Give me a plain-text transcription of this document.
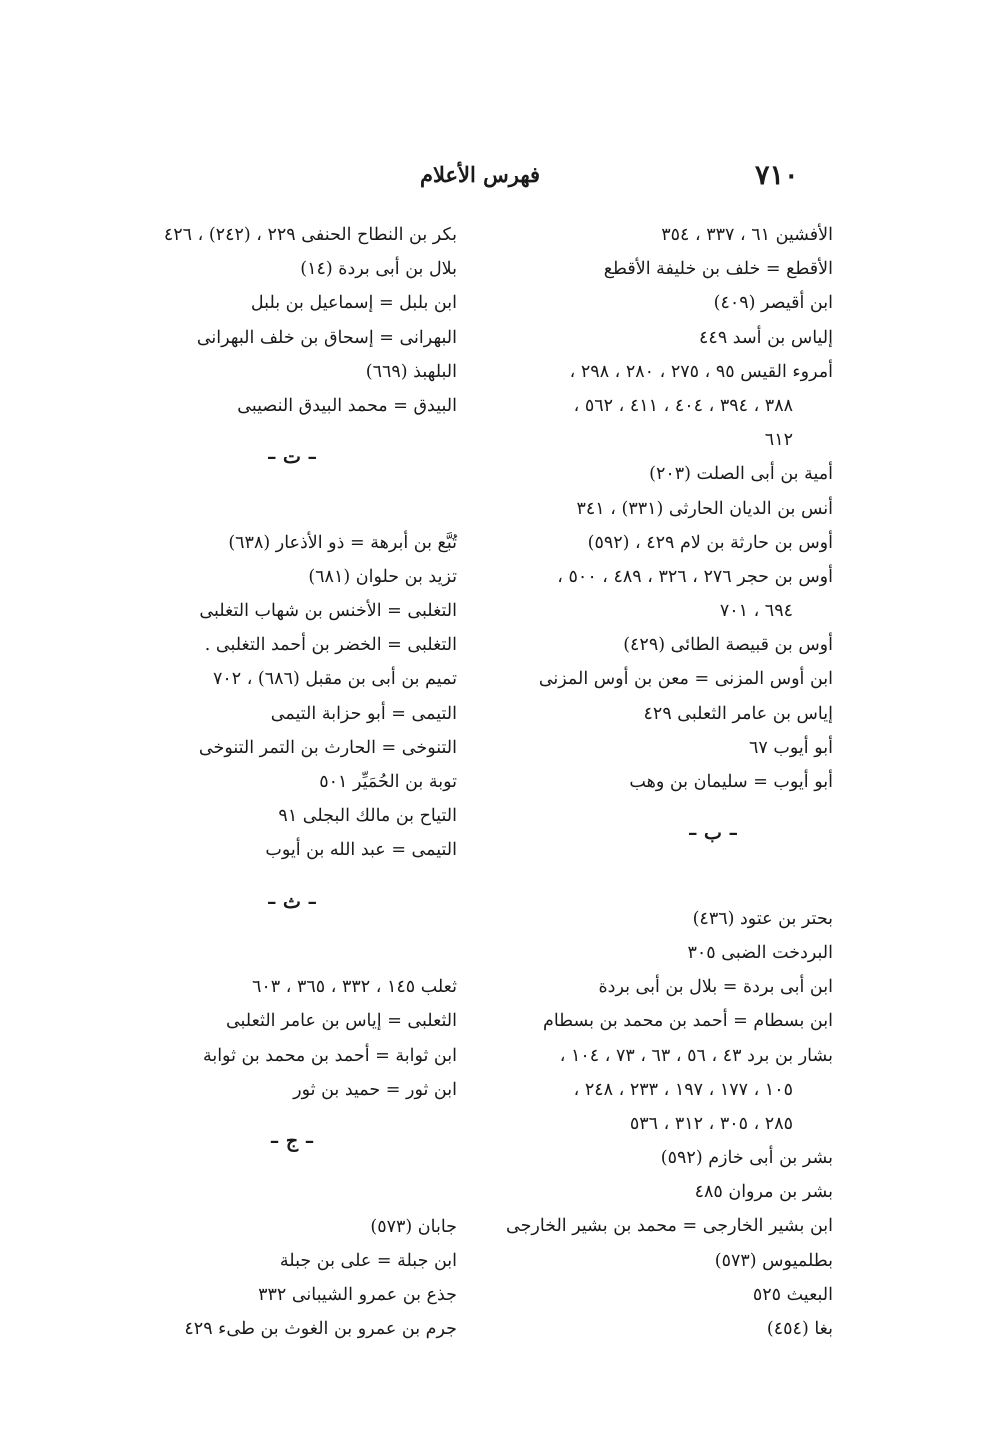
٧١٠
فهرس الأعلام
الأفشين ٦١ ، ٣٣٧ ، ٣٥٤
الأقطع = خلف بن خليفة الأقطع
ابن أقيصر (٤٠٩)
إلياس بن أسد ٤٤٩
أمروء القيس ٩٥ ، ٢٧٥ ، ٢٨٠ ، ٢٩٨ ،
٣٨٨ ، ٣٩٤ ، ٤٠٤ ، ٤١١ ، ٥٦٢ ،
٦١٢
أمية بن أبى الصلت (٢٠٣)
أنس بن الديان الحارثى (٣٣١) ، ٣٤١
أوس بن حارثة بن لام ٤٢٩ ، (٥٩٢)
أوس بن حجر ٢٧٦ ، ٣٢٦ ، ٤٨٩ ، ٥٠٠ ،
٦٩٤ ، ٧٠١
أوس بن قبيصة الطائى (٤٢٩)
ابن أوس المزنى = معن بن أوس المزنى
إياس بن عامر الثعلبى ٤٢٩
أبو أيوب ٦٧
أبو أيوب = سليمان بن وهب
– ب –
بحتر بن عتود (٤٣٦)
البردخت الضبى ٣٠٥
ابن أبى بردة = بلال بن أبى بردة
ابن بسطام = أحمد بن محمد بن بسطام
بشار بن برد ٤٣ ، ٥٦ ، ٦٣ ، ٧٣ ، ١٠٤ ،
١٠٥ ، ١٧٧ ، ١٩٧ ، ٢٣٣ ، ٢٤٨ ،
٢٨٥ ، ٣٠٥ ، ٣١٢ ، ٥٣٦
بشر بن أبى خازم (٥٩٢)
بشر بن مروان ٤٨٥
ابن بشير الخارجى = محمد بن بشير الخارجى
بطلميوس (٥٧٣)
البعيث ٥٢٥
بغا (٤٥٤)
بكر بن النطاح الحنفى ٢٢٩ ، (٢٤٢) ، ٤٢٦
بلال بن أبى بردة (١٤)
ابن بلبل = إسماعيل بن بلبل
البهرانى = إسحاق بن خلف البهرانى
البلهبذ (٦٦٩)
البيدق = محمد البيدق النصيبى
– ت –
تُبَّع بن أبرهة = ذو الأذعار (٦٣٨)
تزيد بن حلوان (٦٨١)
التغلبى = الأخنس بن شهاب التغلبى
التغلبى = الخضر بن أحمد التغلبى .
تميم بن أبى بن مقبل (٦٨٦) ، ٧٠٢
التيمى = أبو حزابة التيمى
التنوخى = الحارث بن التمر التنوخى
توبة بن الحُمَيِّر ٥٠١
التياح بن مالك البجلى ٩١
التيمى = عبد الله بن أيوب
– ث –
ثعلب ١٤٥ ، ٣٣٢ ، ٣٦٥ ، ٦٠٣
الثعلبى = إياس بن عامر الثعلبى
ابن ثوابة = أحمد بن محمد بن ثوابة
ابن ثور = حميد بن ثور
– ج –
جابان (٥٧٣)
ابن جبلة = على بن جبلة
جذع بن عمرو الشيبانى ٣٣٢
جرم بن عمرو بن الغوث بن طىء ٤٢٩
